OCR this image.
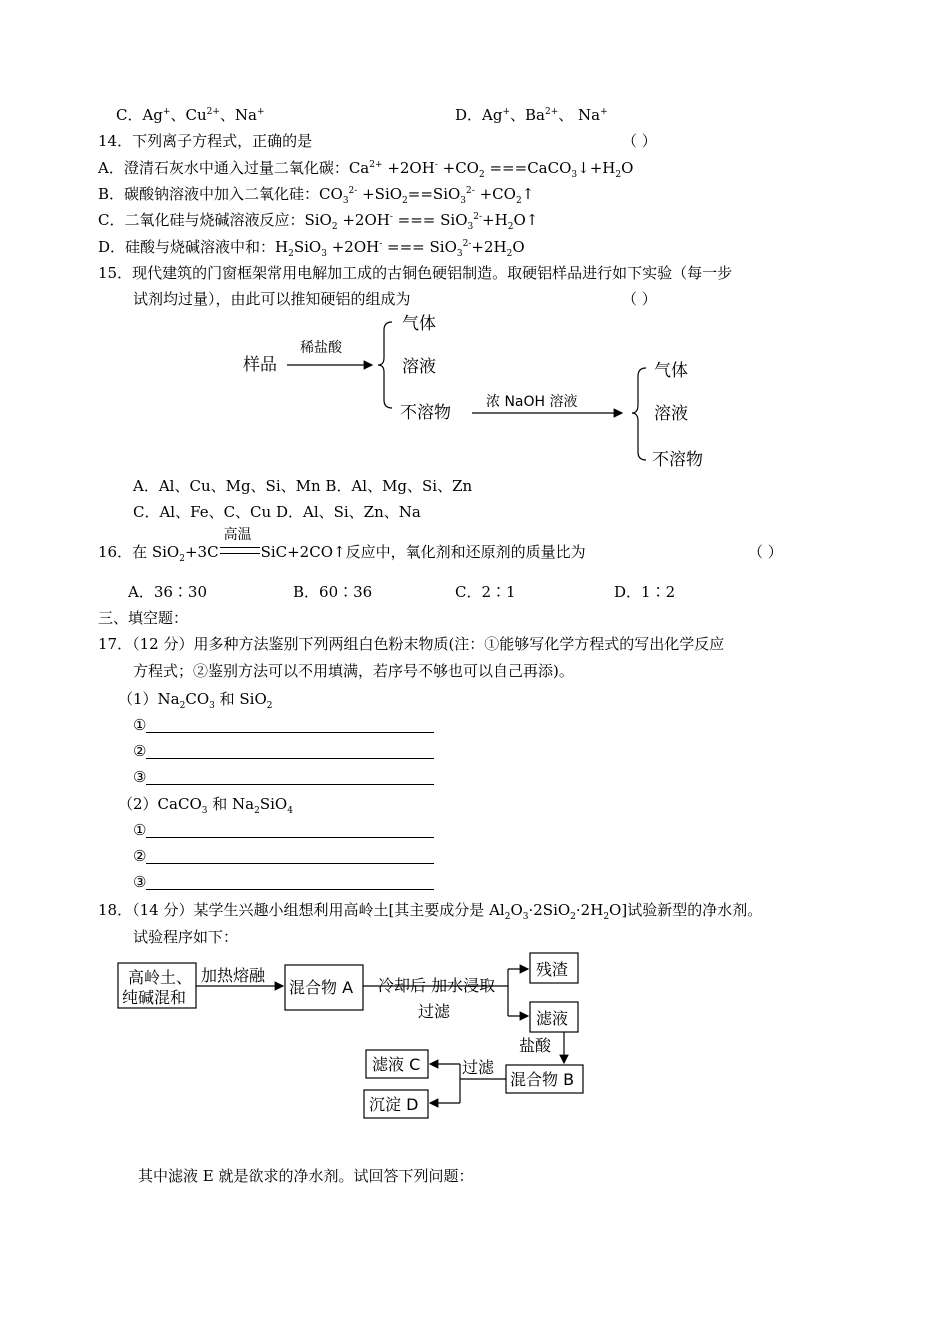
C．Ag+、$Cu^{2+}$、Na+	D．Ag+、$Ba^{2+}$、 Na+
14．下列离子方程式，正确的是	（ ）
A．澄清石灰水中通入过量二氧化碳：$Ca^{2+} +2OH^- +CO_2$ $===CaCO_3↓+H_2O$
B．碳酸钠溶液中加入二氧化硅：$CO_3^{2-} +SiO_2==SiO_3^{2-}$ $+CO_2↑$
C．二氧化硅与烧碱溶液反应：SiO$_2$ +2OH- === $SiO_3^{2-}+H_2O↑$
D．硅酸与烧碱溶液中和：$H_2SiO_3 +2OH^-$ === $SiO_3^{2-}+2H_2O$
15．现代建筑的门窗框架常用电解加工成的古铜色硬铝制造。取硬铝样品进行如下实验（每一步
试剂均过量），由此可以推知硬铝的组成为	（ ）
样品
稀盐酸
气体
溶液
不溶物
浓 NaOH 溶液
气体
溶液
不溶物
A．Al、Cu、Mg、Si、Mn B．Al、Mg、Si、Zn
C．Al、Fe、C、Cu D．Al、Si、Zn、Na
16．在 SiO$_2$+3C
高温
SiC+2CO↑反应中，氧化剂和还原剂的质量比为	（ ）
A．36∶30	B．60∶36	C．2∶1	D．1∶2
三、填空题：
17．（12 分）用多种方法鉴别下列两组白色粉末物质(注：①能够写化学方程式的写出化学反应
方程式；②鉴别方法可以不用填满，若序号不够也可以自己再添)。
$(1)Na_2CO_3$ 和 SiO$_2$
①
②
③
（2）CaCO$_3$ 和 $Na_2SiO_4$
①
②
③
18．（14 分）某学生兴趣小组想利用高岭土[其主要成分是 $Al_2O_3\cdot 2SiO_2\cdot 2H_2O$]试验新型的净水剂。
试验程序如下：
高岭土、
纯碱混和
加热熔融
混合物 A 冷却后 加水浸取
过滤
残渣
滤液
盐酸
混合物 B
过滤
滤液 C
沉淀 D
其中滤液 E 就是欲求的净水剂。试回答下列问题：
